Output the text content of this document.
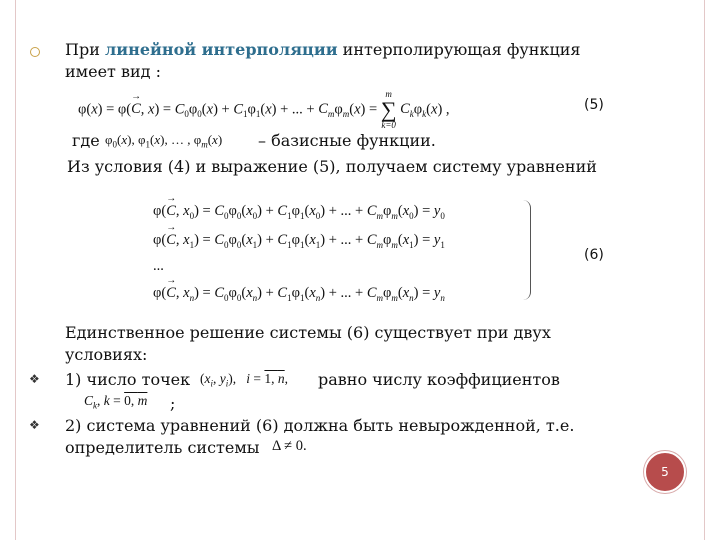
При линейной интерполяции интерполирующая функция
имеет вид :
φ(x) = φ(→ C, $x) = C_0\varphi_0(x) + C_1\varphi_1(x)$ + ... + $C_m\varphi_m(x)$ =
m
∑
k=0
$C_k\varphi_k(x)$ ,	(5)
где $\varphi_0(x)$, $\varphi_1(x)$, … , $\varphi_m(x)$ – базисные функции.
Из условия (4) и выражение (5), получаем систему уравнений
φ(→ C, $x_0) = C_0\varphi_0(x_0) + C_1\varphi_1(x_0)$ + ... + $C_m\varphi_m(x_0) = y_0$
φ(→ C, $x_1) = C_0\varphi_0(x_1) + C_1\varphi_1(x_1)$ + ... + $C_m\varphi_m(x_1) = y_1$
...
φ(→ C, $x_n) = C_0\varphi_0(x_n) + C_1\varphi_1(x_n)$ + ... + $C_m\varphi_m(x_n) = y_n$
(6)
Единственное решение системы (6) существует при двух
условиях:
❖ 1) число точек ($x_i$, $y_i$),   i = 1, n, равно числу коэффициентов
$C_k$, k = 0, m ;
❖ 2) система уравнений (6) должна быть невырожденной, т.е.
определитель системы Δ ≠ 0.
5
